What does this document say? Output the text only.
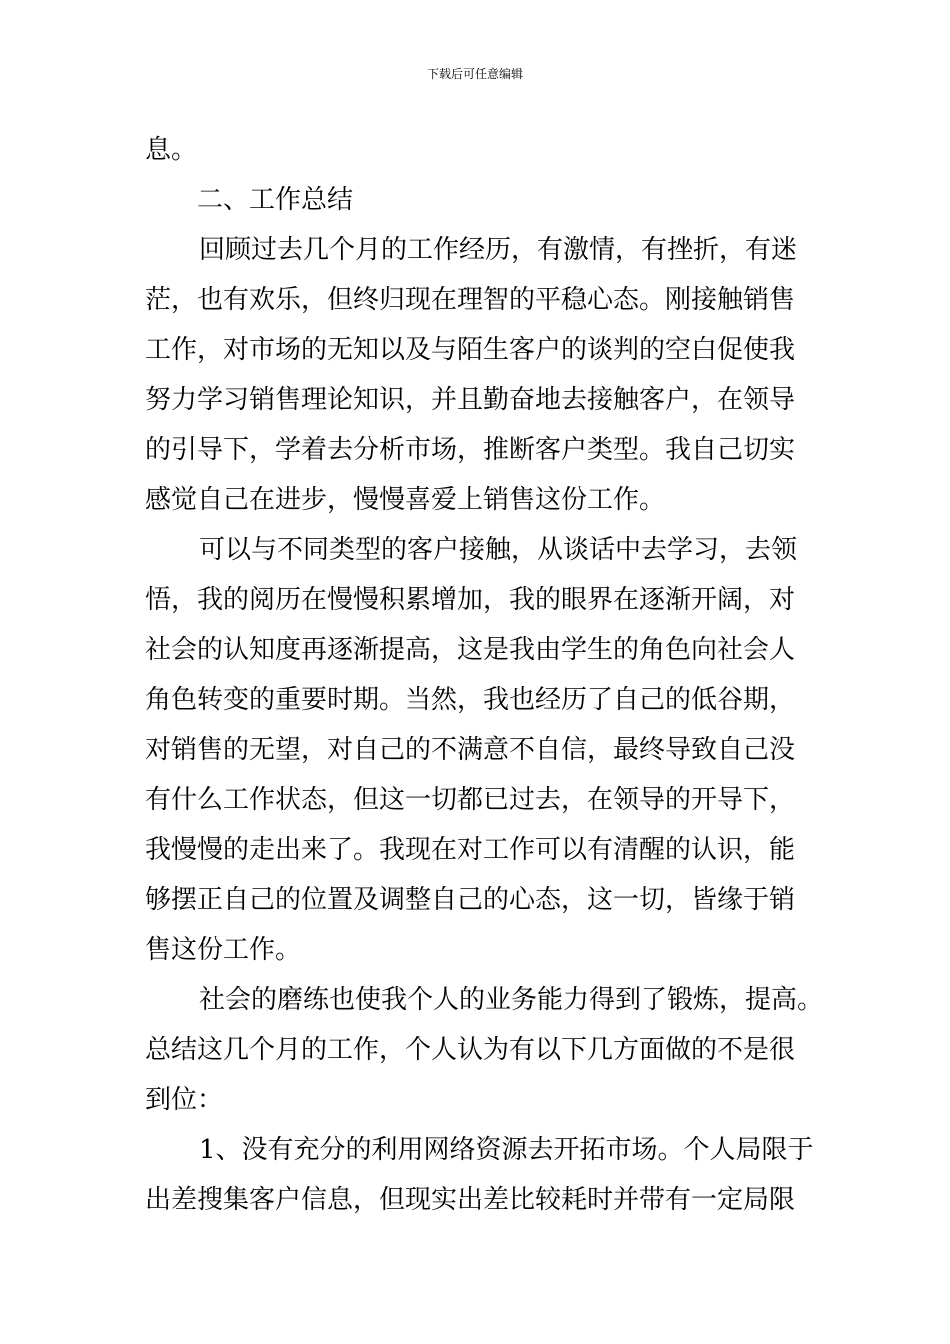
下载后可任意编辑
息。
二、工作总结
回顾过去几个月的工作经历，有激情，有挫折，有迷
茫，也有欢乐，但终归现在理智的平稳心态。刚接触销售
工作，对市场的无知以及与陌生客户的谈判的空白促使我
努力学习销售理论知识，并且勤奋地去接触客户，在领导
的引导下，学着去分析市场，推断客户类型。我自己切实
感觉自己在进步，慢慢喜爱上销售这份工作。
可以与不同类型的客户接触，从谈话中去学习，去领
悟，我的阅历在慢慢积累增加，我的眼界在逐渐开阔，对
社会的认知度再逐渐提高，这是我由学生的角色向社会人
角色转变的重要时期。当然，我也经历了自己的低谷期，
对销售的无望，对自己的不满意不自信，最终导致自己没
有什么工作状态，但这一切都已过去，在领导的开导下，
我慢慢的走出来了。我现在对工作可以有清醒的认识，能
够摆正自己的位置及调整自己的心态，这一切，皆缘于销
售这份工作。
社会的磨练也使我个人的业务能力得到了锻炼，提高。
总结这几个月的工作，个人认为有以下几方面做的不是很
到位：
1、没有充分的利用网络资源去开拓市场。个人局限于
出差搜集客户信息，但现实出差比较耗时并带有一定局限
